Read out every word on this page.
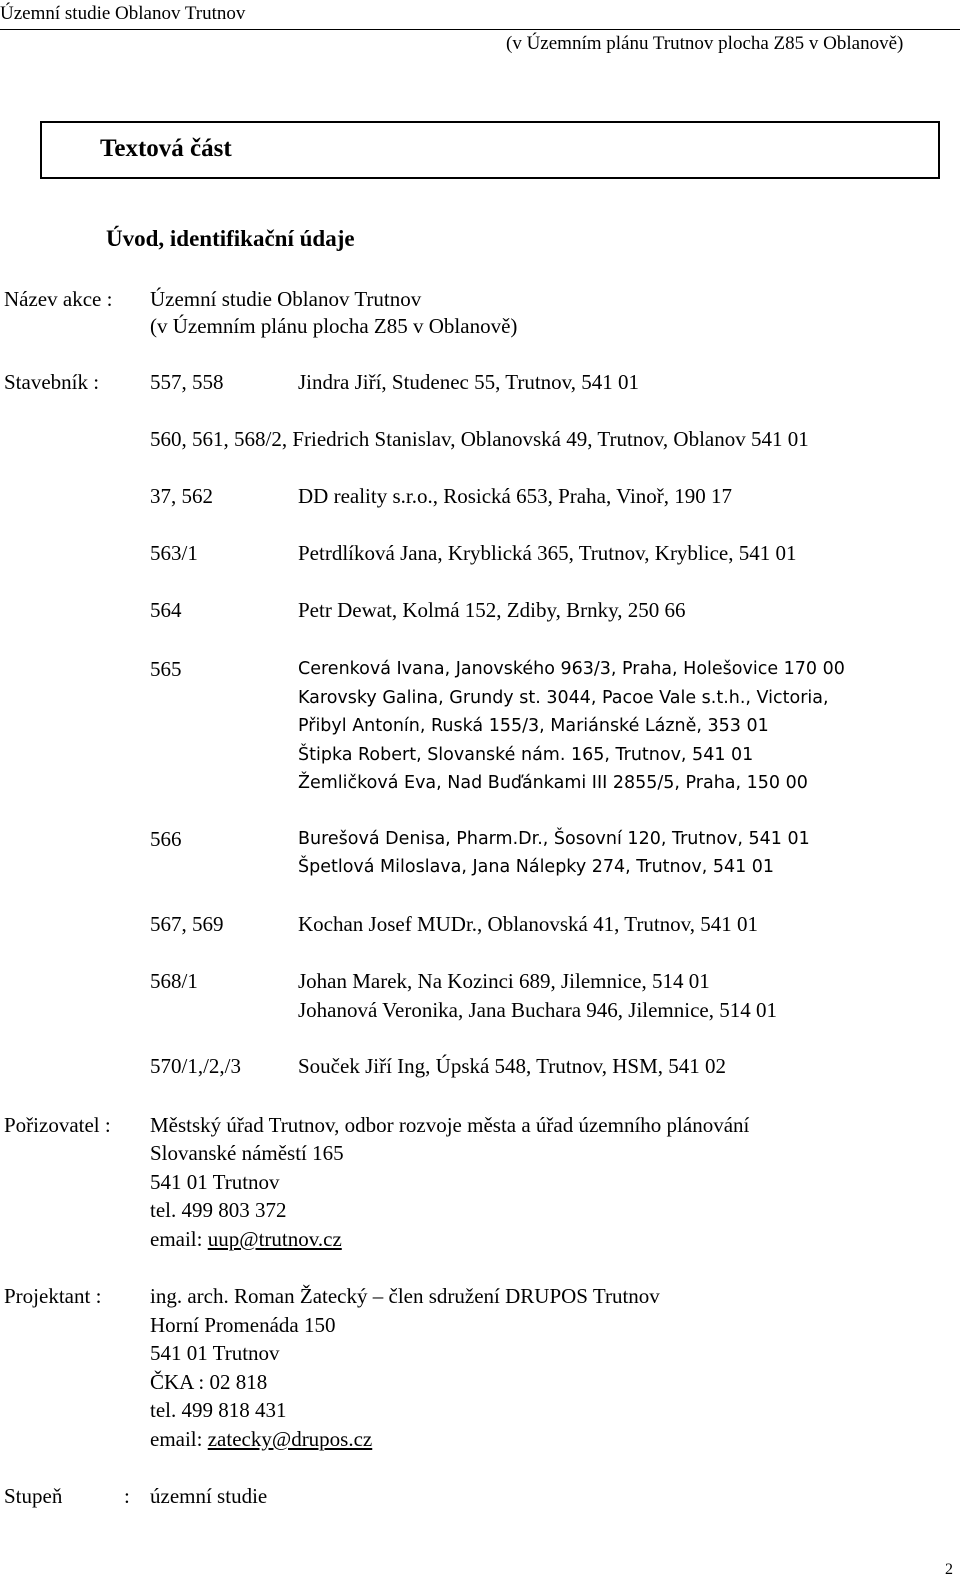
Územní studie Oblanov Trutnov
(v Územním plánu Trutnov plocha Z85 v Oblanově)
Textová část
Úvod, identifikační údaje
Název akce : Územní studie Oblanov Trutnov
(v Územním plánu plocha Z85 v Oblanově)
Stavebník : 557, 558	Jindra Jiří, Studenec 55, Trutnov, 541 01
560, 561, 568/2, Friedrich Stanislav, Oblanovská 49, Trutnov, Oblanov 541 01
37, 562	DD reality s.r.o., Rosická 653, Praha, Vinoř, 190 17
563/1	Petrdlíková Jana, Kryblická 365, Trutnov, Kryblice, 541 01
564	Petr Dewat, Kolmá 152, Zdiby, Brnky, 250 66
565	Cerenková Ivana, Janovského 963/3, Praha, Holešovice 170 00
Karovsky Galina, Grundy st. 3044, Pacoe Vale s.t.h., Victoria,
Přibyl Antonín, Ruská 155/3, Mariánské Lázně, 353 01
Štipka Robert, Slovanské nám. 165, Trutnov, 541 01
Žemličková Eva, Nad Buďánkami III 2855/5, Praha, 150 00
566	Burešová Denisa, Pharm.Dr., Šosovní 120, Trutnov, 541 01
Špetlová Miloslava, Jana Nálepky 274, Trutnov, 541 01
567, 569	Kochan Josef MUDr., Oblanovská 41, Trutnov, 541 01
568/1	Johan Marek, Na Kozinci 689, Jilemnice, 514 01
Johanová Veronika, Jana Buchara 946, Jilemnice, 514 01
570/1,/2,/3	Souček Jiří Ing, Úpská 548, Trutnov, HSM, 541 02
Pořizovatel : Městský úřad Trutnov, odbor rozvoje města a úřad územního plánování
Slovanské náměstí 165
541 01 Trutnov
tel. 499 803 372
email: uup@trutnov.cz
Projektant : ing. arch. Roman Žatecký – člen sdružení DRUPOS Trutnov
Horní Promenáda 150
541 01 Trutnov
ČKA : 02 818
tel. 499 818 431
email: zatecky@drupos.cz
Stupeň	: územní studie
2
